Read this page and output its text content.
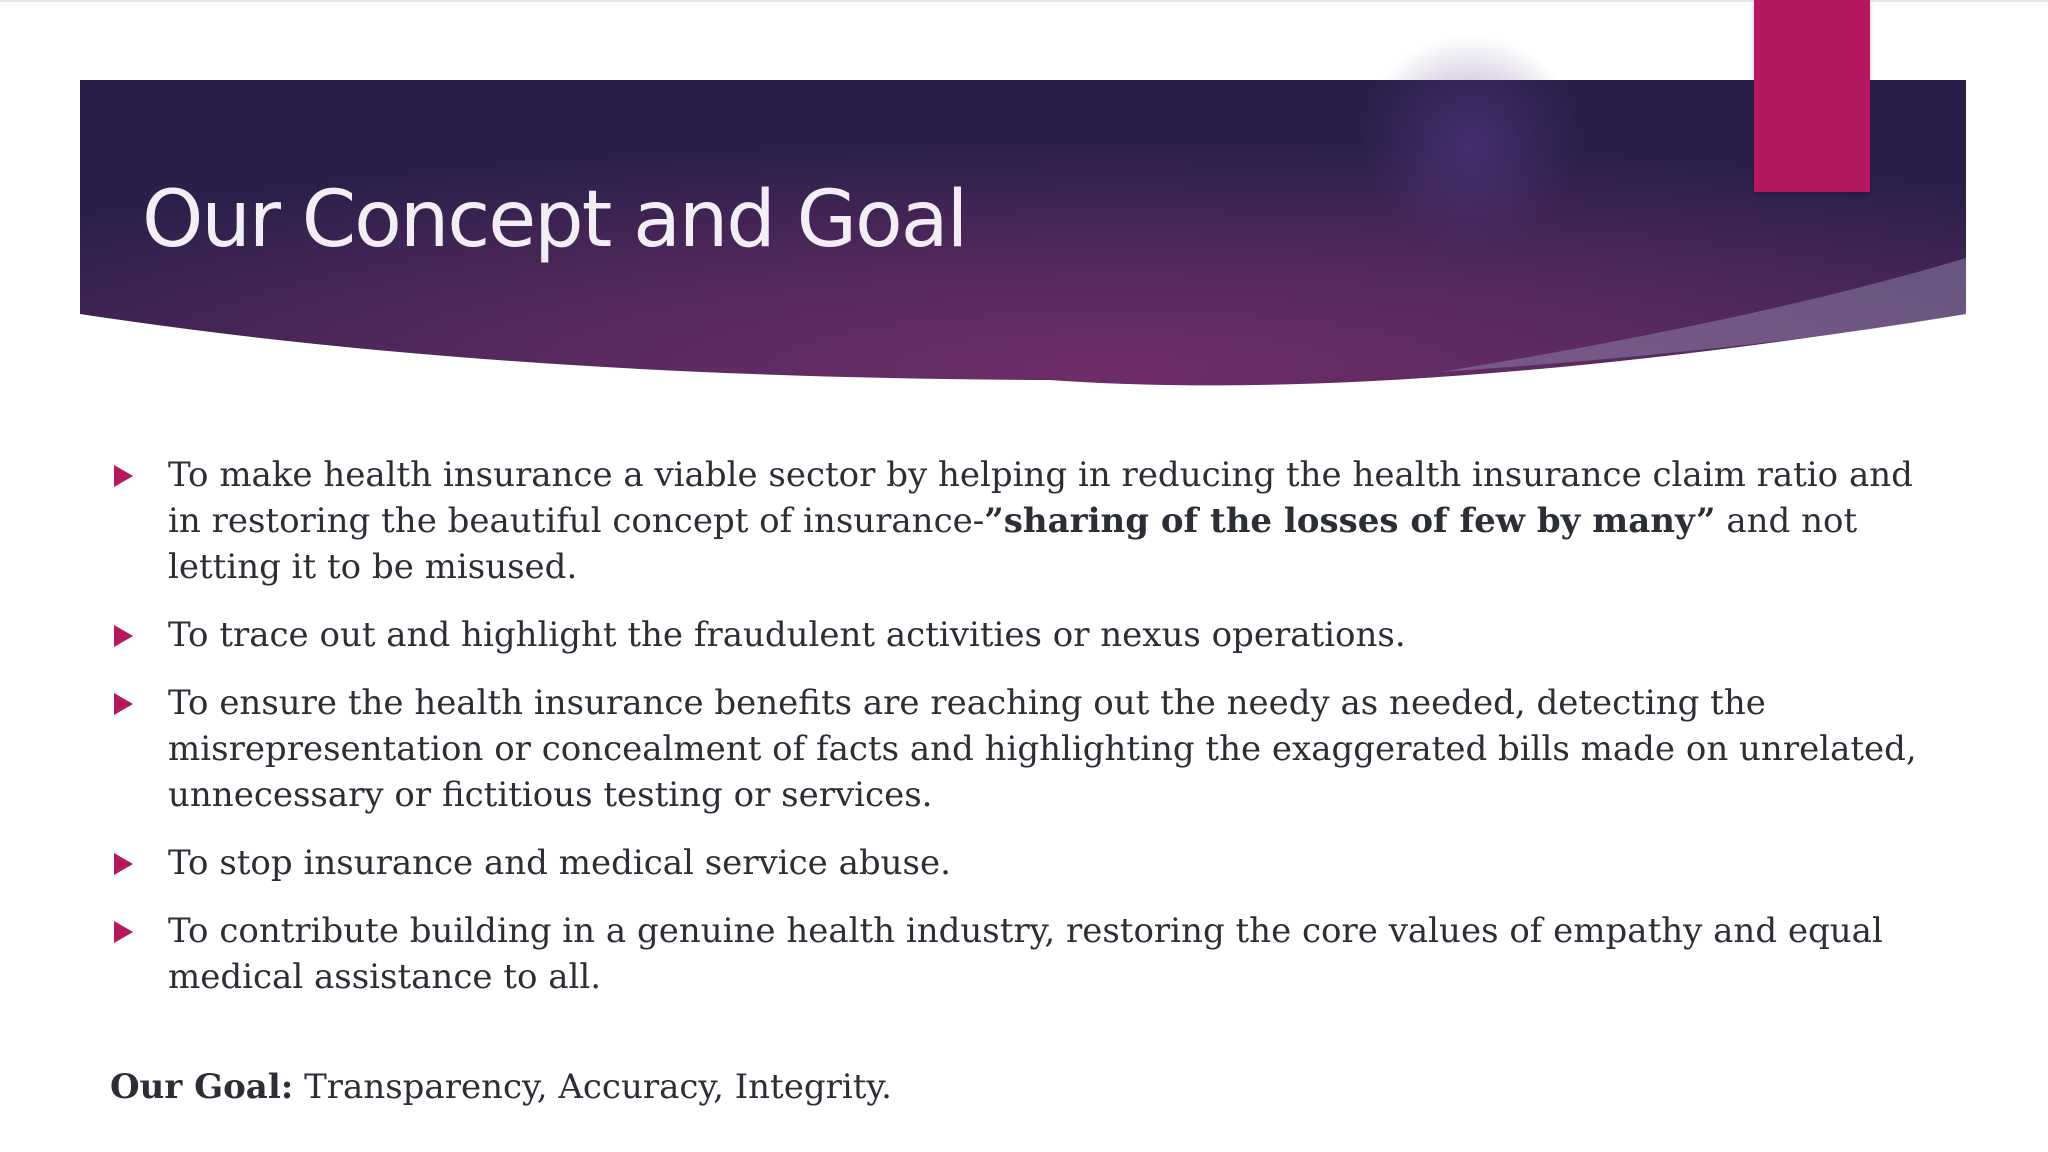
Our Concept and Goal
To make health insurance a viable sector by helping in reducing the health insurance claim ratio and in restoring the beautiful concept of insurance-”sharing of the losses of few by many” and not letting it to be misused.
To trace out and highlight the fraudulent activities or nexus operations.
To ensure the health insurance benefits are reaching out the needy as needed, detecting the misrepresentation or concealment of facts and highlighting the exaggerated bills made on unrelated, unnecessary or fictitious testing or services.
To stop insurance and medical service abuse.
To contribute building in a genuine health industry, restoring the core values of empathy and equal medical assistance to all.
Our Goal: Transparency, Accuracy, Integrity.
